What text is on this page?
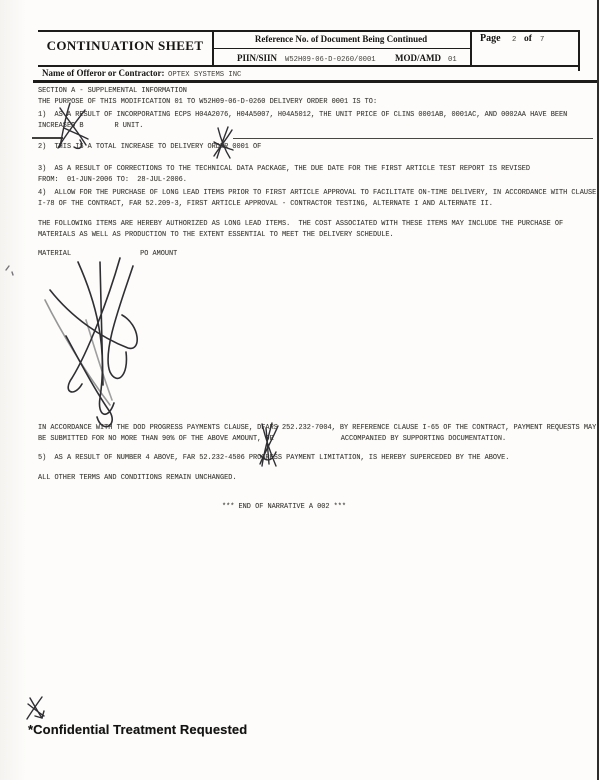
CONTINUATION SHEET	Reference No. of Document Being Continued
PIIN/SIIN W52H09-06-D-0260/0001 MOD/AMD 01
Page 2 of 7
Name of Offeror or Contractor: OPTEX SYSTEMS INC
SECTION A - SUPPLEMENTAL INFORMATION
THE PURPOSE OF THIS MODIFICATION 01 TO W52H09-06-D-0260 DELIVERY ORDER 0001 IS TO:
1)  AS A RESULT OF INCORPORATING ECPS H04A2076, H04A5007, H04A5012, THE UNIT PRICE OF CLINS 0001AB, 0001AC, AND 0002AA HAVE BEEN
INCREASED B	R UNIT.
2)  THIS IS A TOTAL INCREASE TO DELIVERY ORDER 0001 OF
3)  AS A RESULT OF CORRECTIONS TO THE TECHNICAL DATA PACKAGE, THE DUE DATE FOR THE FIRST ARTICLE TEST REPORT IS REVISED
FROM:  01-JUN-2006 TO:  28-JUL-2006.
4)  ALLOW FOR THE PURCHASE OF LONG LEAD ITEMS PRIOR TO FIRST ARTICLE APPROVAL TO FACILITATE ON-TIME DELIVERY, IN ACCORDANCE WITH CLAUSE
I-78 OF THE CONTRACT, FAR 52.209-3, FIRST ARTICLE APPROVAL - CONTRACTOR TESTING, ALTERNATE I AND ALTERNATE II.
THE FOLLOWING ITEMS ARE HEREBY AUTHORIZED AS LONG LEAD ITEMS.  THE COST ASSOCIATED WITH THESE ITEMS MAY INCLUDE THE PURCHASE OF
MATERIALS AS WELL AS PRODUCTION TO THE EXTENT ESSENTIAL TO MEET THE DELIVERY SCHEDULE.
MATERIAL	PO AMOUNT
IN ACCORDANCE WITH THE DOD PROGRESS PAYMENTS CLAUSE, DFARS 252.232-7004, BY REFERENCE CLAUSE I-65 OF THE CONTRACT, PAYMENT REQUESTS MAY
BE SUBMITTED FOR NO MORE THAN 90% OF THE ABOVE AMOUNT, OR	ACCOMPANIED BY SUPPORTING DOCUMENTATION.
5)  AS A RESULT OF NUMBER 4 ABOVE, FAR 52.232-4506 PROGRESS PAYMENT LIMITATION, IS HEREBY SUPERCEDED BY THE ABOVE.
ALL OTHER TERMS AND CONDITIONS REMAIN UNCHANGED.
*** END OF NARRATIVE A 002 ***
*Confidential Treatment Requested
